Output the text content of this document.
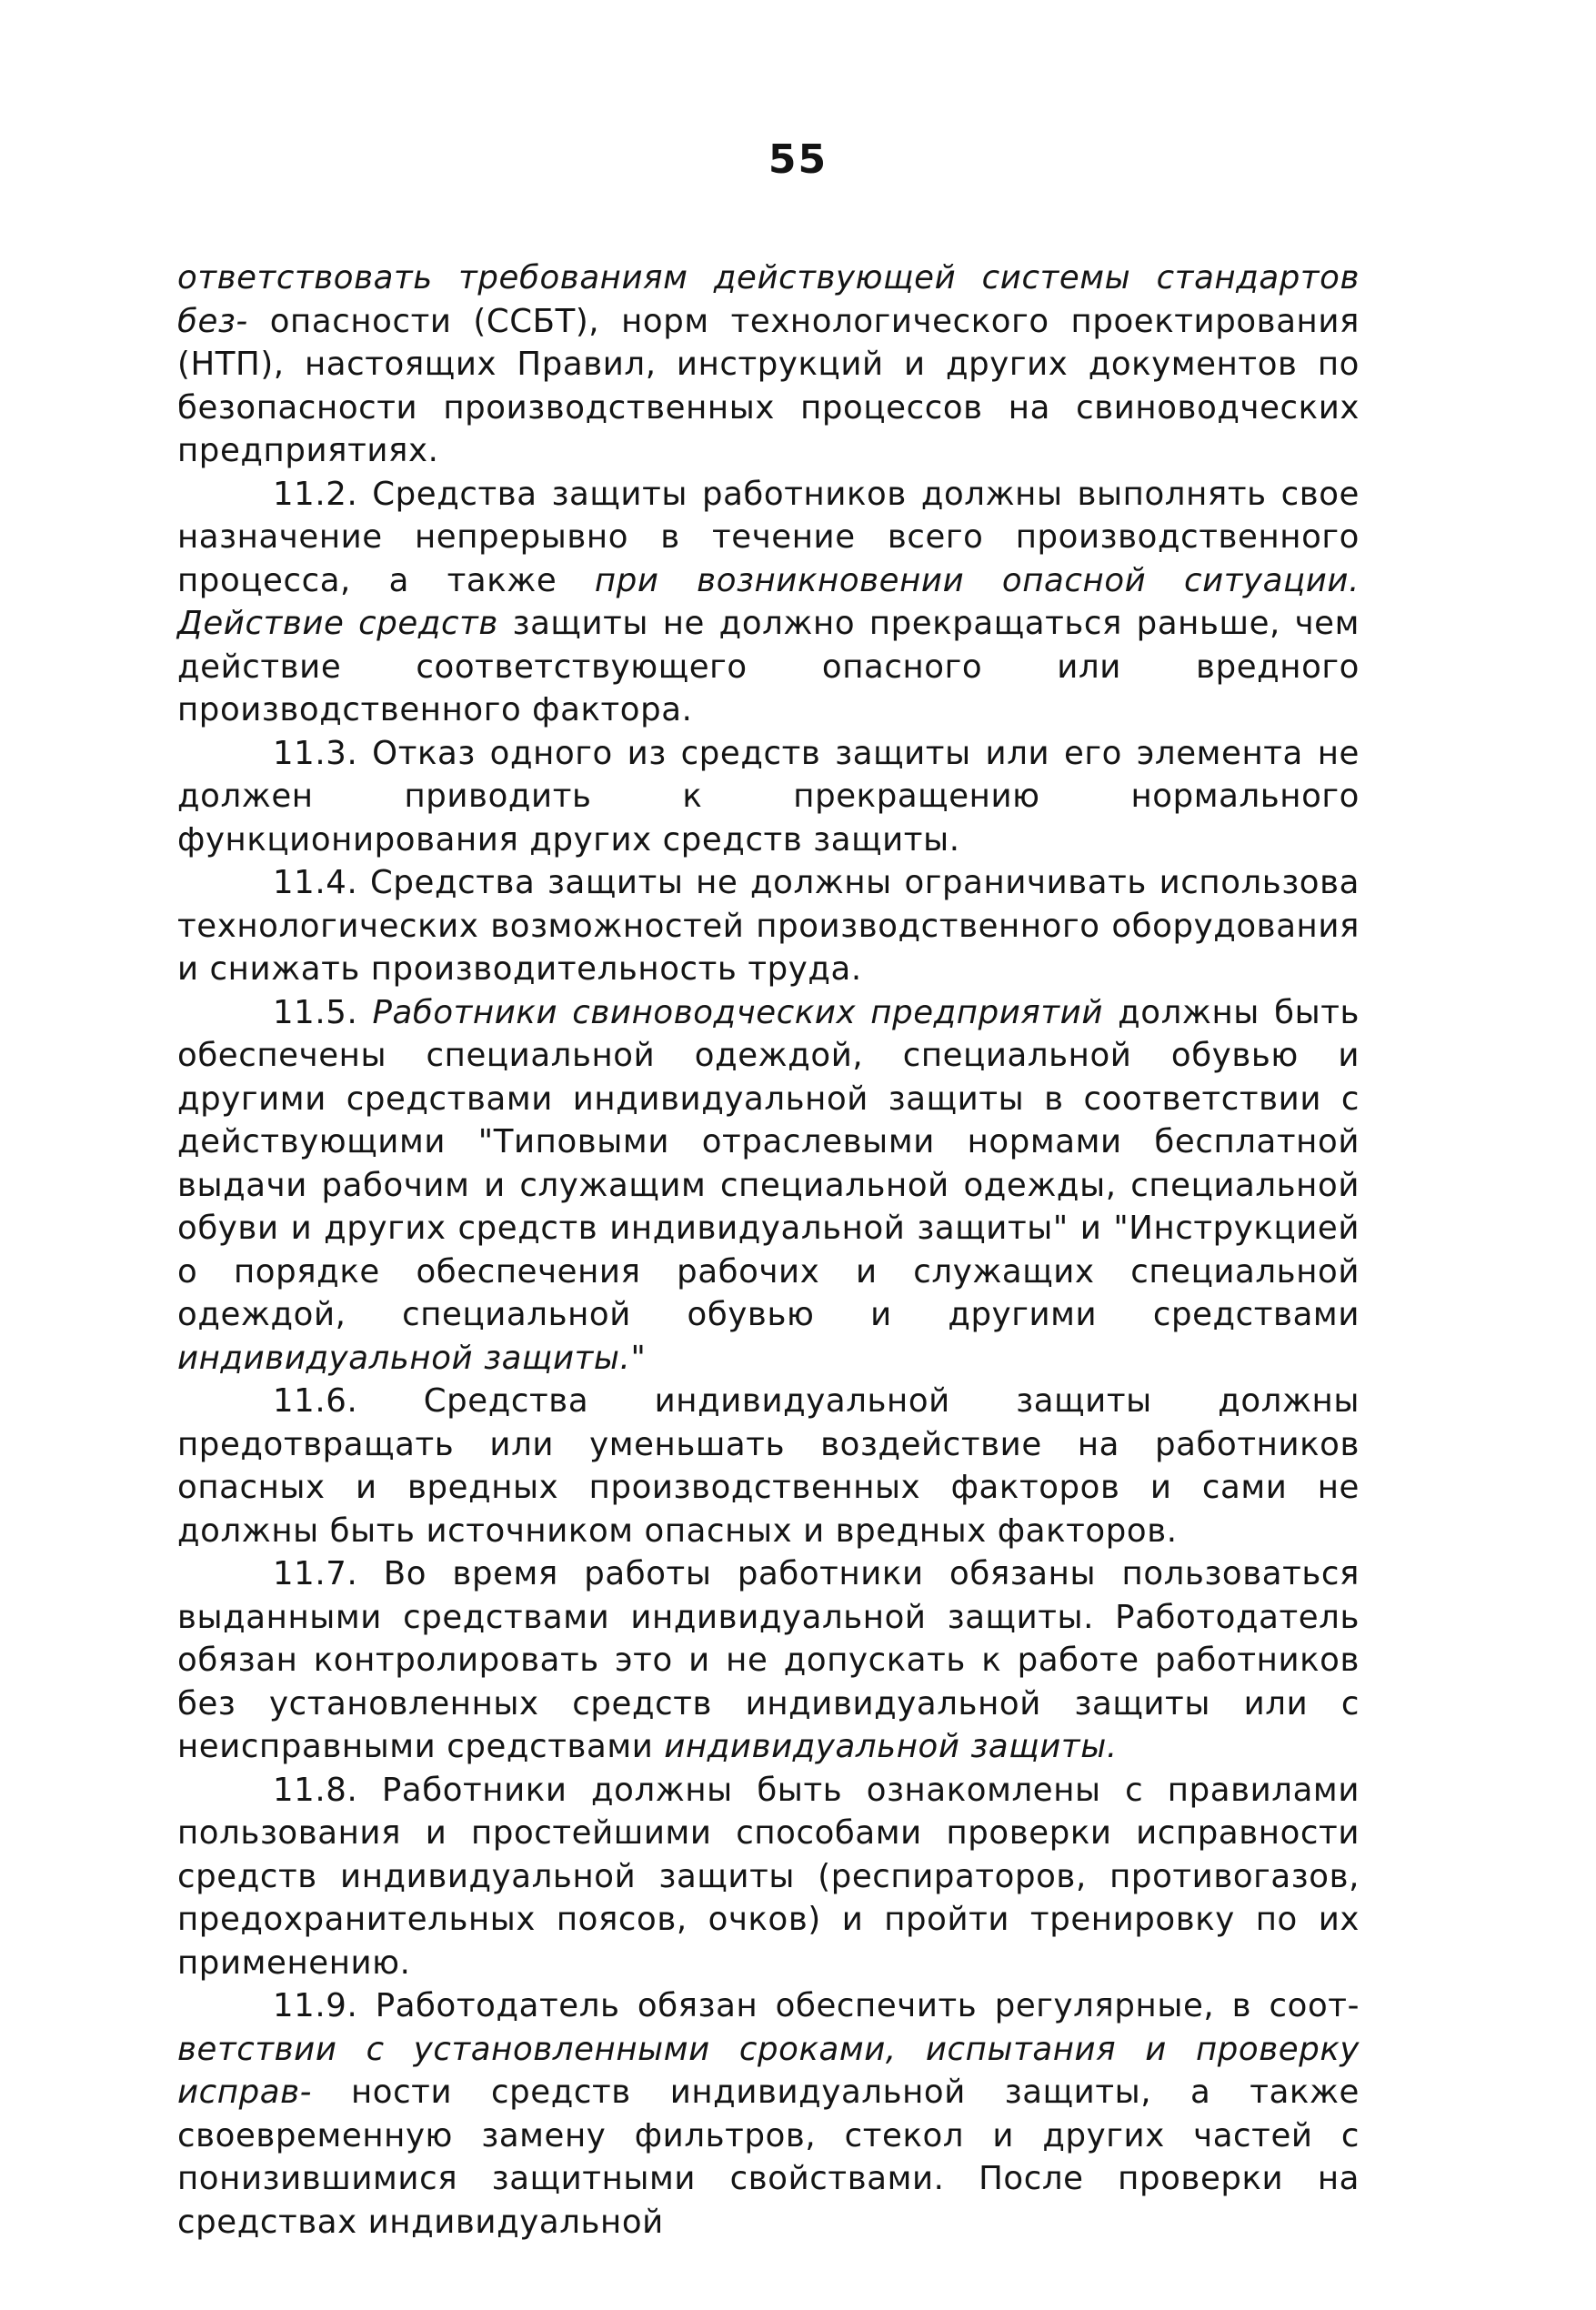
55

ответствовать требованиям действующей системы стандартов без- опасности (ССБТ), норм технологического проектирования (НТП), настоящих Правил, инструкций и других документов по безопасности производственных процессов на свиноводческих предприятиях.

11.2. Средства защиты работников должны выполнять свое назначение непрерывно в течение всего производственного процесса, а также при возникновении опасной ситуации. Действие средств защиты не должно прекращаться раньше, чем действие соответствующего опасного или вредного производственного фактора.

11.3. Отказ одного из средств защиты или его элемента не должен приводить к прекращению нормального функционирования других средств защиты.

11.4. Средства защиты не должны ограничивать использова технологических возможностей производственного оборудования и снижать производительность труда.

11.5. Работники свиноводческих предприятий должны быть обеспечены специальной одеждой, специальной обувью и другими средствами индивидуальной защиты в соответствии с действующими "Типовыми отраслевыми нормами бесплатной выдачи рабочим и служащим специальной одежды, специальной обуви и других средств индивидуальной защиты" и "Инструкцией о порядке обеспечения рабочих и служащих специальной одеждой, специальной обувью и другими средствами индивидуальной защиты."

11.6. Средства индивидуальной защиты должны предотвращать или уменьшать воздействие на работников опасных и вредных производственных факторов и сами не должны быть источником опасных и вредных факторов.

11.7. Во время работы работники обязаны пользоваться выданными средствами индивидуальной защиты. Работодатель обязан контролировать это и не допускать к работе работников без установленных средств индивидуальной защиты или с неисправными средствами индивидуальной защиты.

11.8. Работники должны быть ознакомлены с правилами пользования и простейшими способами проверки исправности средств индивидуальной защиты (респираторов, противогазов, предохранительных поясов, очков) и пройти тренировку по их применению.

11.9. Работодатель обязан обеспечить регулярные, в соот- ветствии с установленными сроками, испытания и проверку исправ- ности средств индивидуальной защиты, а также своевременную замену фильтров, стекол и других частей с понизившимися защитными свойствами. После проверки на средствах индивидуальной
